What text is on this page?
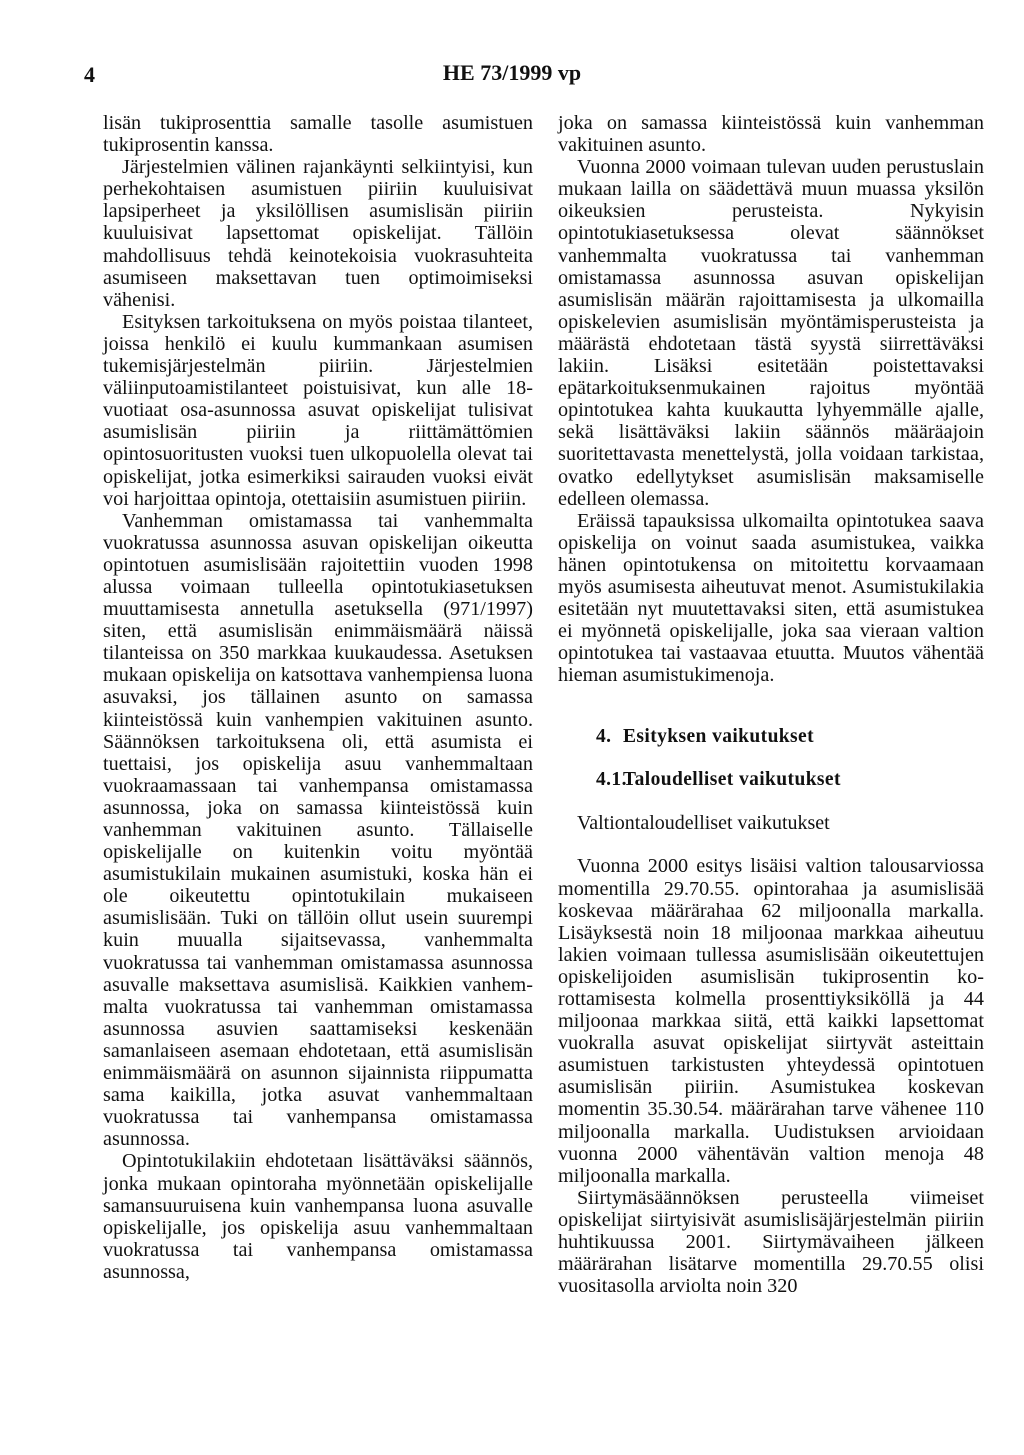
4	HE 73/1999 vp

lisän tukiprosenttia samalle tasolle asumistuen tukiprosentin kanssa.

Järjestelmien välinen rajankäynti selkiintyisi, kun perhekohtaisen asumistuen piiriin kuuluisivat lapsiperheet ja yksilöllisen asumislisän piiriin kuuluisivat lapsettomat opiskelijat. Tällöin mahdollisuus tehdä keinotekoisia vuokrasuhteita asumiseen maksettavan tuen optimoimiseksi vähenisi.

Esityksen tarkoituksena on myös poistaa tilanteet, joissa henkilö ei kuulu kummankaan asumisen tukemisjärjestelmän piiriin. Järjestelmien väliinputoamistilanteet poistuisivat, kun alle 18-vuotiaat osa-asunnossa asuvat opiskelijat tulisivat asumislisän piiriin ja riittämättömien opintosuoritusten vuoksi tuen ulkopuolella olevat tai opiskelijat, jotka esimerkiksi sairauden vuoksi eivät voi harjoittaa opintoja, otettaisiin asumistuen piiriin.

Vanhemman omistamassa tai vanhemmalta vuokratussa asunnossa asuvan opiskelijan oikeutta opintotuen asumislisään rajoitettiin vuoden 1998 alussa voimaan tulleella opintotukiasetuksen muuttamisesta annetulla asetuksella (971/1997) siten, että asumislisän enimmäismäärä näissä tilanteissa on 350 markkaa kuukaudessa. Asetuksen mukaan opiskelija on katsottava vanhempiensa luona asuvaksi, jos tällainen asunto on samassa kiinteistössä kuin vanhempien vakituinen asunto. Säännöksen tarkoituksena oli, että asumista ei tuettaisi, jos opiskelija asuu vanhemmaltaan vuokraamassaan tai vanhempansa omistamassa asunnossa, joka on samassa kiinteistössä kuin vanhemman vakituinen asunto. Tällaiselle opiskelijalle on kuitenkin voitu myöntää asumistukilain mukainen asumistuki, koska hän ei ole oikeutettu opintotukilain mukaiseen asumislisään. Tuki on tällöin ollut usein suurempi kuin muualla sijaitsevassa, vanhemmalta vuokratussa tai vanhemman omistamassa asunnossa asuvalle maksettava asumislisä. Kaikkien vanhemmalta vuokratussa tai vanhemman omistamassa asunnossa asuvien saattamiseksi keskenään samanlaiseen asemaan ehdotetaan, että asumislisän enimmäismäärä on asunnon sijainnista riippumatta sama kaikilla, jotka asuvat vanhemmaltaan vuokratussa tai vanhempansa omistamassa asunnossa.

Opintotukilakiin ehdotetaan lisättäväksi säännös, jonka mukaan opintoraha myönnetään opiskelijalle samansuuruisena kuin vanhempansa luona asuvalle opiskelijalle, jos opiskelija asuu vanhemmaltaan vuokratussa tai vanhempansa omistamassa asunnossa,

joka on samassa kiinteistössä kuin vanhemman vakituinen asunto.

Vuonna 2000 voimaan tulevan uuden perustuslain mukaan lailla on säädettävä muun muassa yksilön oikeuksien perusteista. Nykyisin opintotukiasetuksessa olevat säännökset vanhemmalta vuokratussa tai vanhemman omistamassa asunnossa asuvan opiskelijan asumislisän määrän rajoittamisesta ja ulkomailla opiskelevien asumislisän myöntämisperusteista ja määrästä ehdotetaan tästä syystä siirrettäväksi lakiin. Lisäksi esitetään poistettavaksi epätarkoituksenmukainen rajoitus myöntää opintotukea kahta kuukautta lyhyemmälle ajalle, sekä lisättäväksi lakiin säännös määräajoin suoritettavasta menettelystä, jolla voidaan tarkistaa, ovatko edellytykset asumislisän maksamiselle edelleen olemassa.

Eräissä tapauksissa ulkomailta opintotukea saava opiskelija on voinut saada asumistukea, vaikka hänen opintotukensa on mitoitettu korvaamaan myös asumisesta aiheutuvat menot. Asumistukilakia esitetään nyt muutettavaksi siten, että asumistukea ei myönnetä opiskelijalle, joka saa vieraan valtion opintotukea tai vastaavaa etuutta. Muutos vähentää hieman asumistukimenoja.

4. Esityksen vaikutukset

4.1.Taloudelliset vaikutukset

Valtiontaloudelliset vaikutukset

Vuonna 2000 esitys lisäisi valtion talousarviossa momentilla 29.70.55. opintorahaa ja asumislisää koskevaa määrärahaa 62 miljoonalla markalla. Lisäyksestä noin 18 miljoonaa markkaa aiheutuu lakien voimaan tullessa asumislisään oikeutettujen opiskelijoiden asumislisän tukiprosentin korottamisesta kolmella prosenttiyksiköllä ja 44 miljoonaa markkaa siitä, että kaikki lapsettomat vuokralla asuvat opiskelijat siirtyvät asteittain asumistuen tarkistusten yhteydessä opintotuen asumislisän piiriin. Asumistukea koskevan momentin 35.30.54. määrärahan tarve vähenee 110 miljoonalla markalla. Uudistuksen arvioidaan vuonna 2000 vähentävän valtion menoja 48 miljoonalla markalla.

Siirtymäsäännöksen perusteella viimeiset opiskelijat siirtyisivät asumislisäjärjestelmän piiriin huhtikuussa 2001. Siirtymävaiheen jälkeen määrärahan lisätarve momentilla 29.70.55 olisi vuositasolla arviolta noin 320
